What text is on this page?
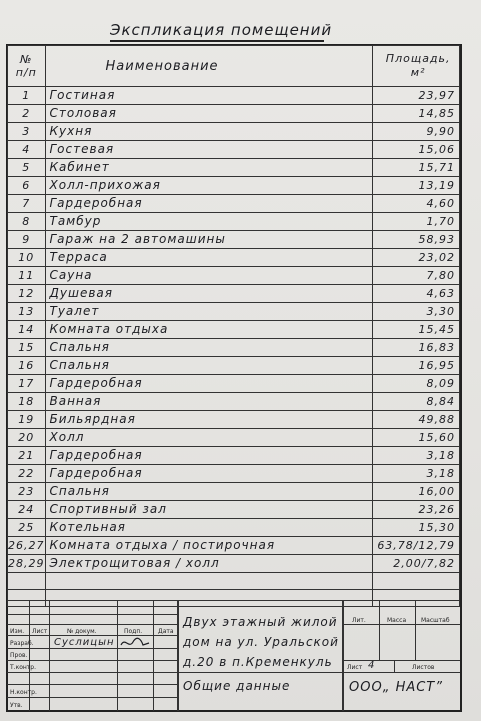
Экспликация помещений
№
п/п	Наименование	Площадь,
м²
1	Гостиная	23,97
2	Столовая	14,85
3	Кухня	9,90
4	Гостевая	15,06
5	Кабинет	15,71
6	Холл-прихожая	13,19
7	Гардеробная	4,60
8	Тамбур	1,70
9	Гараж на 2 автомашины	58,93
10	Терраса	23,02
11	Сауна	7,80
12	Душевая	4,63
13	Туалет	3,30
14	Комната отдыха	15,45
15	Спальня	16,83
16	Спальня	16,95
17	Гардеробная	8,09
18	Ванная	8,84
19	Бильярдная	49,88
20	Холл	15,60
21	Гардеробная	3,18
22	Гардеробная	3,18
23	Спальня	16,00
24	Спортивный зал	23,26
25	Котельная	15,30
26,27	Комната отдыха / постирочная	63,78/12,79
28,29	Электрощитовая / холл	2,00/7,82

Изм. Лист	№ докум.	Подп.	Дата
Разраб.
Пров.
Т.контр.
Н.контр.
Утв.
Суслицын
Двух этажный жилой
дом на ул. Уральской
д.20 в п.Кременкуль
Общие данные
Лит.	Масса Масштаб
Лист 4	Листов
ООО„ НАСТ”
